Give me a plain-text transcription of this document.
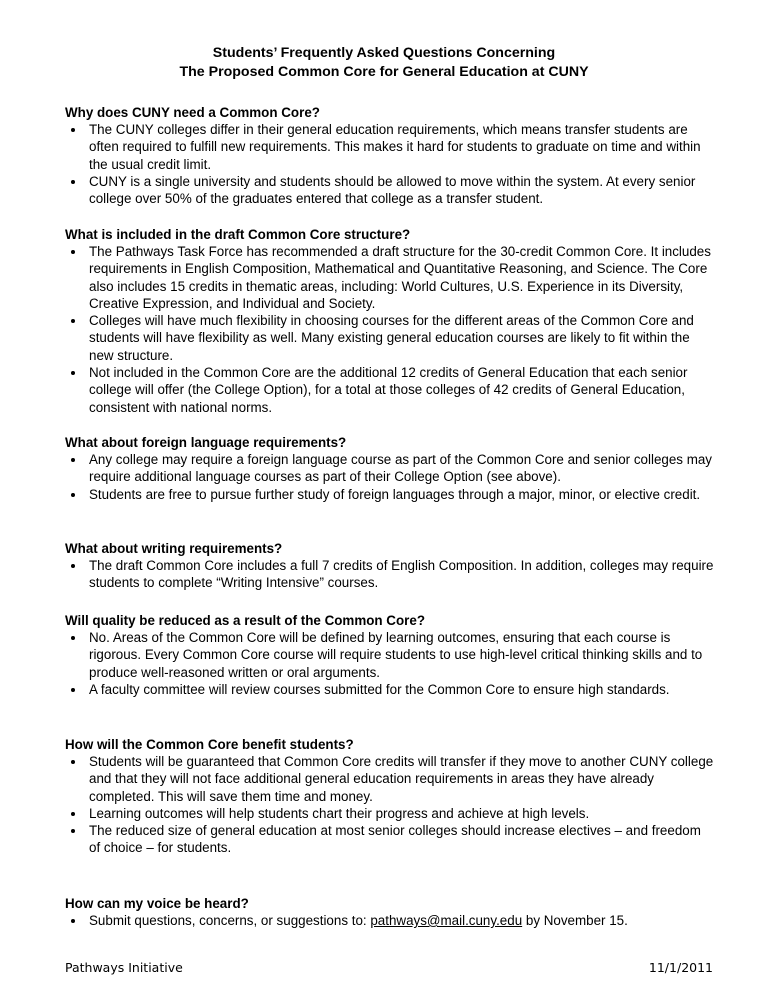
Students’ Frequently Asked Questions Concerning
The Proposed Common Core for General Education at CUNY

Why does CUNY need a Common Core?

The CUNY colleges differ in their general education requirements, which means transfer students are often required to fulfill new requirements. This makes it hard for students to graduate on time and within the usual credit limit.
CUNY is a single university and students should be allowed to move within the system. At every senior college over 50% of the graduates entered that college as a transfer student.

What is included in the draft Common Core structure?

The Pathways Task Force has recommended a draft structure for the 30-credit Common Core. It includes requirements in English Composition, Mathematical and Quantitative Reasoning, and Science. The Core also includes 15 credits in thematic areas, including: World Cultures, U.S. Experience in its Diversity, Creative Expression, and Individual and Society.
Colleges will have much flexibility in choosing courses for the different areas of the Common Core and students will have flexibility as well. Many existing general education courses are likely to fit within the new structure.
Not included in the Common Core are the additional 12 credits of General Education that each senior college will offer (the College Option), for a total at those colleges of 42 credits of General Education, consistent with national norms.

What about foreign language requirements?

Any college may require a foreign language course as part of the Common Core and senior colleges may require additional language courses as part of their College Option (see above).
Students are free to pursue further study of foreign languages through a major, minor, or elective credit.

What about writing requirements?

The draft Common Core includes a full 7 credits of English Composition. In addition, colleges may require students to complete “Writing Intensive” courses.

Will quality be reduced as a result of the Common Core?

No. Areas of the Common Core will be defined by learning outcomes, ensuring that each course is rigorous. Every Common Core course will require students to use high-level critical thinking skills and to produce well-reasoned written or oral arguments.
A faculty committee will review courses submitted for the Common Core to ensure high standards.

How will the Common Core benefit students?

Students will be guaranteed that Common Core credits will transfer if they move to another CUNY college and that they will not face additional general education requirements in areas they have already completed. This will save them time and money.
Learning outcomes will help students chart their progress and achieve at high levels.
The reduced size of general education at most senior colleges should increase electives – and freedom of choice – for students.

How can my voice be heard?

Submit questions, concerns, or suggestions to: pathways@mail.cuny.edu by November 15.
Pathways Initiative	11/1/2011
